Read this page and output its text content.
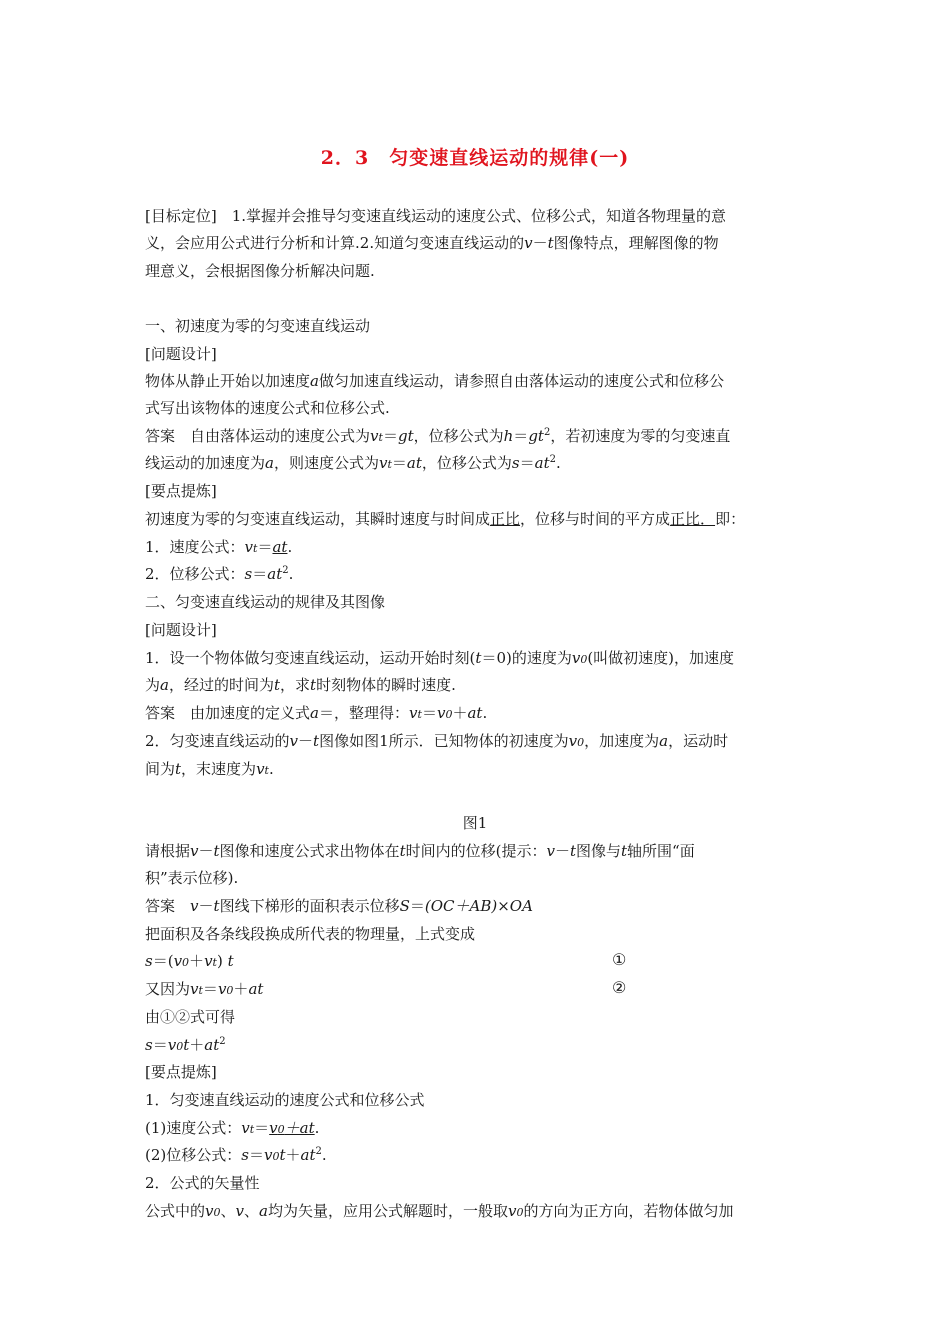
2．3　匀变速直线运动的规律(一)
[目标定位]　1.掌握并会推导匀变速直线运动的速度公式、位移公式，知道各物理量的意
义，会应用公式进行分析和计算.2.知道匀变速直线运动的v－t图像特点，理解图像的物
理意义，会根据图像分析解决问题.
一、初速度为零的匀变速直线运动
[问题设计]
物体从静止开始以加速度a做匀加速直线运动，请参照自由落体运动的速度公式和位移公
式写出该物体的速度公式和位移公式.
答案　 自由落体运动的速度公式为vt＝gt，位移公式为$h=gt^2$，若初速度为零的匀变速直
线运动的加速度为a，则速度公式为vt＝at，位移公式为$s=at^2$.
[要点提炼]
初速度为零的匀变速直线运动，其瞬时速度与时间成正比，位移与时间的平方成正比．即：
1．速度公式：vt＝at.
2．位移公式：$s=at^2$.
二、匀变速直线运动的规律及其图像
[问题设计]
1．设一个物体做匀变速直线运动，运动开始时刻(t＝0)的速度为v0(叫做初速度)，加速度
为a，经过的时间为t，求t时刻物体的瞬时速度.
答案　 由加速度的定义式a＝，整理得：vt＝v0＋at.
2．匀变速直线运动的v－t图像如图1所示．已知物体的初速度为v0，加速度为a，运动时
间为t，末速度为vt.
图1
请根据v－t图像和速度公式求出物体在t时间内的位移(提示：v－t图像与t轴所围“面
积”表示位移).
答案　 v－t图线下梯形的面积表示位移S＝(OC＋AB)×OA
把面积及各条线段换成所代表的物理量，上式变成
s＝(v0＋vt) t	①
又因为vt＝v0＋at	②
由①②式可得
$s=v0t+at^2$
[要点提炼]
1．匀变速直线运动的速度公式和位移公式
(1)速度公式：vt＝v0＋at.
(2)位移公式：$s=v0t+at^2$.
2．公式的矢量性
公式中的v0、v、a均为矢量，应用公式解题时，一般取v0的方向为正方向，若物体做匀加
